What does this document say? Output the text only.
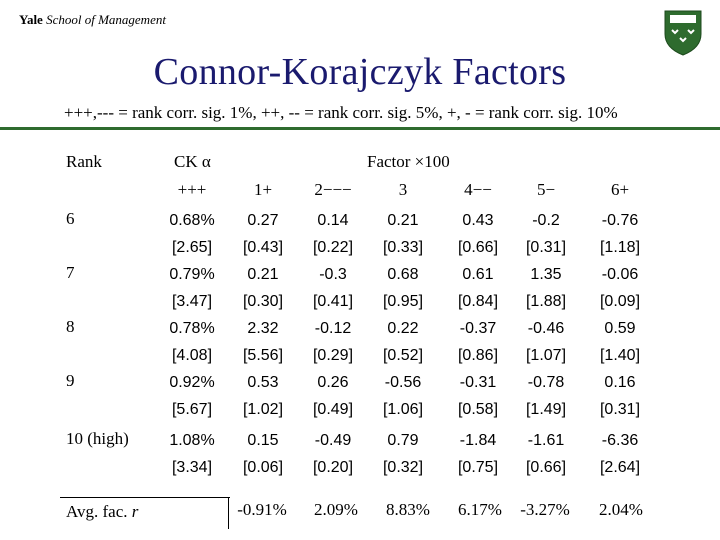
Yale School of Management
Connor-Korajczyk Factors
+++,--- = rank corr. sig. 1%, ++, -- = rank corr. sig. 5%, +, - = rank corr. sig. 10%
Rank	CK α	Factor ×100
+++	1+ 2−−−	3	4−−	5−	6+
6	0.68% 0.27 0.14 0.21	0.43 -0.2	-0.76
[2.65] [0.43] [0.22] [0.33] [0.66] [0.31] [1.18]
7	0.79% 0.21	-0.3	0.68	0.61 1.35	-0.06
[3.47] [0.30] [0.41] [0.95] [0.84] [1.88] [0.09]
8	0.78% 2.32 -0.12 0.22	-0.37 -0.46	0.59
[4.08] [5.56] [0.29] [0.52] [0.86] [1.07] [1.40]
9	0.92% 0.53 0.26 -0.56 -0.31 -0.78	0.16
[5.67] [1.02] [0.49] [1.06] [0.58] [1.49] [0.31]
10 (high)	1.08% 0.15 -0.49 0.79	-1.84 -1.61 -6.36
[3.34] [0.06] [0.20] [0.32] [0.75] [0.66] [2.64]
Avg. fac. r	-0.91% 2.09% 8.83% 6.17% -3.27% 2.04%
